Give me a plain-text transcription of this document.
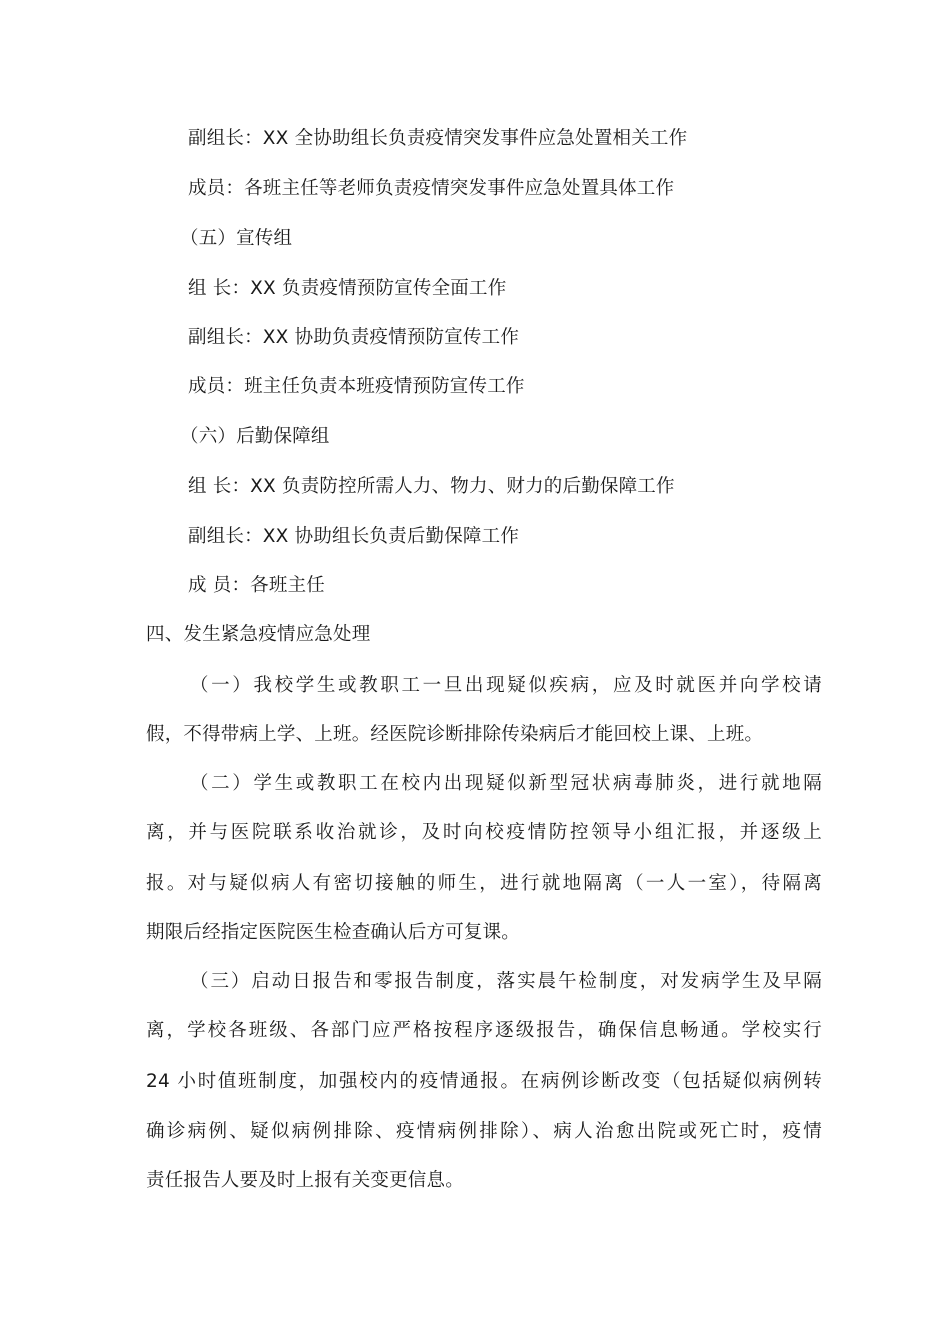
副组长：XX 全协助组长负责疫情突发事件应急处置相关工作
成员：各班主任等老师负责疫情突发事件应急处置具体工作
（五）宣传组
组 长：XX 负责疫情预防宣传全面工作
副组长：XX 协助负责疫情预防宣传工作
成员：班主任负责本班疫情预防宣传工作
（六）后勤保障组
组 长：XX 负责防控所需人力、物力、财力的后勤保障工作
副组长：XX 协助组长负责后勤保障工作
成 员：各班主任
四、发生紧急疫情应急处理
（一）我校学生或教职工一旦出现疑似疾病，应及时就医并向学校请
假，不得带病上学、上班。经医院诊断排除传染病后才能回校上课、上班。
（二）学生或教职工在校内出现疑似新型冠状病毒肺炎，进行就地隔
离，并与医院联系收治就诊，及时向校疫情防控领导小组汇报，并逐级上
报。对与疑似病人有密切接触的师生，进行就地隔离（一人一室），待隔离
期限后经指定医院医生检查确认后方可复课。
（三）启动日报告和零报告制度，落实晨午检制度，对发病学生及早隔
离，学校各班级、各部门应严格按程序逐级报告，确保信息畅通。学校实行
24 小时值班制度，加强校内的疫情通报。在病例诊断改变（包括疑似病例转
确诊病例、疑似病例排除、疫情病例排除）、病人治愈出院或死亡时，疫情
责任报告人要及时上报有关变更信息。
